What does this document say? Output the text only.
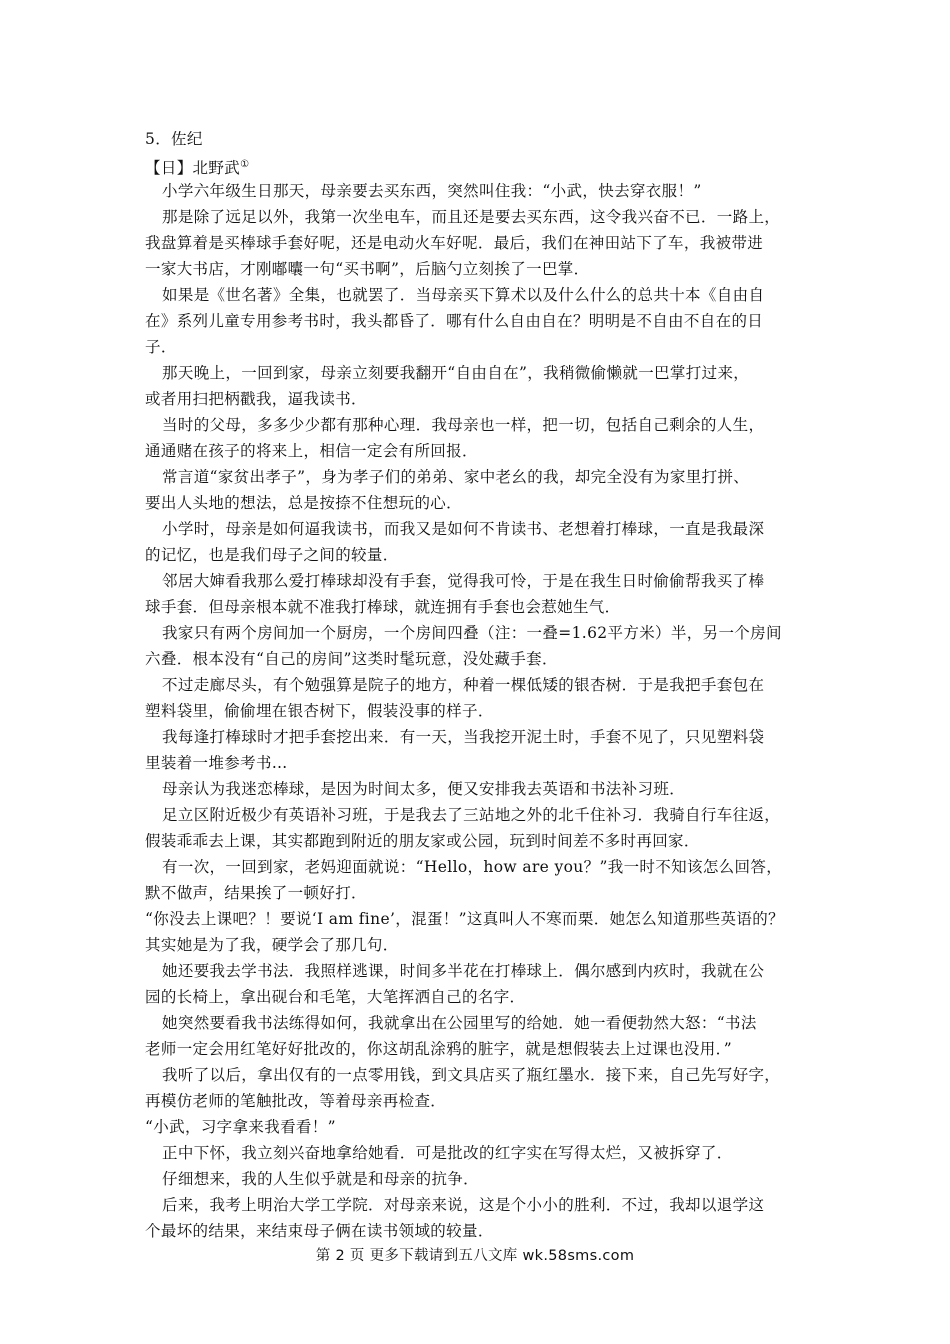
5．佐纪
【日】北野武①
小学六年级生日那天，母亲要去买东西，突然叫住我：“小武，快去穿衣服！”
那是除了远足以外，我第一次坐电车，而且还是要去买东西，这令我兴奋不已．一路上，
我盘算着是买棒球手套好呢，还是电动火车好呢．最后，我们在神田站下了车，我被带进
一家大书店，才刚嘟囔一句“买书啊”，后脑勺立刻挨了一巴掌．
如果是《世名著》全集，也就罢了．当母亲买下算术以及什么什么的总共十本《自由自
在》系列儿童专用参考书时，我头都昏了．哪有什么自由自在？明明是不自由不自在的日
子．
那天晚上，一回到家，母亲立刻要我翻开“自由自在”，我稍微偷懒就一巴掌打过来，
或者用扫把柄戳我，逼我读书．
当时的父母，多多少少都有那种心理．我母亲也一样，把一切，包括自己剩余的人生，
通通赌在孩子的将来上，相信一定会有所回报．
常言道“家贫出孝子”，身为孝子们的弟弟、家中老幺的我，却完全没有为家里打拼、
要出人头地的想法，总是按捺不住想玩的心．
小学时，母亲是如何逼我读书，而我又是如何不肯读书、老想着打棒球，一直是我最深
的记忆，也是我们母子之间的较量．
邻居大婶看我那么爱打棒球却没有手套，觉得我可怜，于是在我生日时偷偷帮我买了棒
球手套．但母亲根本就不准我打棒球，就连拥有手套也会惹她生气．
我家只有两个房间加一个厨房，一个房间四叠（注：一叠=1.62平方米）半，另一个房间
六叠．根本没有“自己的房间”这类时髦玩意，没处藏手套．
不过走廊尽头，有个勉强算是院子的地方，种着一棵低矮的银杏树．于是我把手套包在
塑料袋里，偷偷埋在银杏树下，假装没事的样子．
我每逢打棒球时才把手套挖出来．有一天，当我挖开泥土时，手套不见了，只见塑料袋
里装着一堆参考书…
母亲认为我迷恋棒球，是因为时间太多，便又安排我去英语和书法补习班．
足立区附近极少有英语补习班，于是我去了三站地之外的北千住补习．我骑自行车往返，
假装乖乖去上课，其实都跑到附近的朋友家或公园，玩到时间差不多时再回家．
有一次，一回到家，老妈迎面就说：“Hello，how are you？”我一时不知该怎么回答，
默不做声，结果挨了一顿好打．
“你没去上课吧？！要说‘I am fine’，混蛋！”这真叫人不寒而栗．她怎么知道那些英语的？
其实她是为了我，硬学会了那几句．
她还要我去学书法．我照样逃课，时间多半花在打棒球上．偶尔感到内疚时，我就在公
园的长椅上，拿出砚台和毛笔，大笔挥洒自己的名字．
她突然要看我书法练得如何，我就拿出在公园里写的给她．她一看便勃然大怒：“书法
老师一定会用红笔好好批改的，你这胡乱涂鸦的脏字，就是想假装去上过课也没用．”
我听了以后，拿出仅有的一点零用钱，到文具店买了瓶红墨水．接下来，自己先写好字，
再模仿老师的笔触批改，等着母亲再检查．
“小武，习字拿来我看看！”
正中下怀，我立刻兴奋地拿给她看．可是批改的红字实在写得太烂，又被拆穿了．
仔细想来，我的人生似乎就是和母亲的抗争．
后来，我考上明治大学工学院．对母亲来说，这是个小小的胜利．不过，我却以退学这
个最坏的结果，来结束母子俩在读书领域的较量．
第 2 页 更多下载请到五八文库 wk.58sms.com
